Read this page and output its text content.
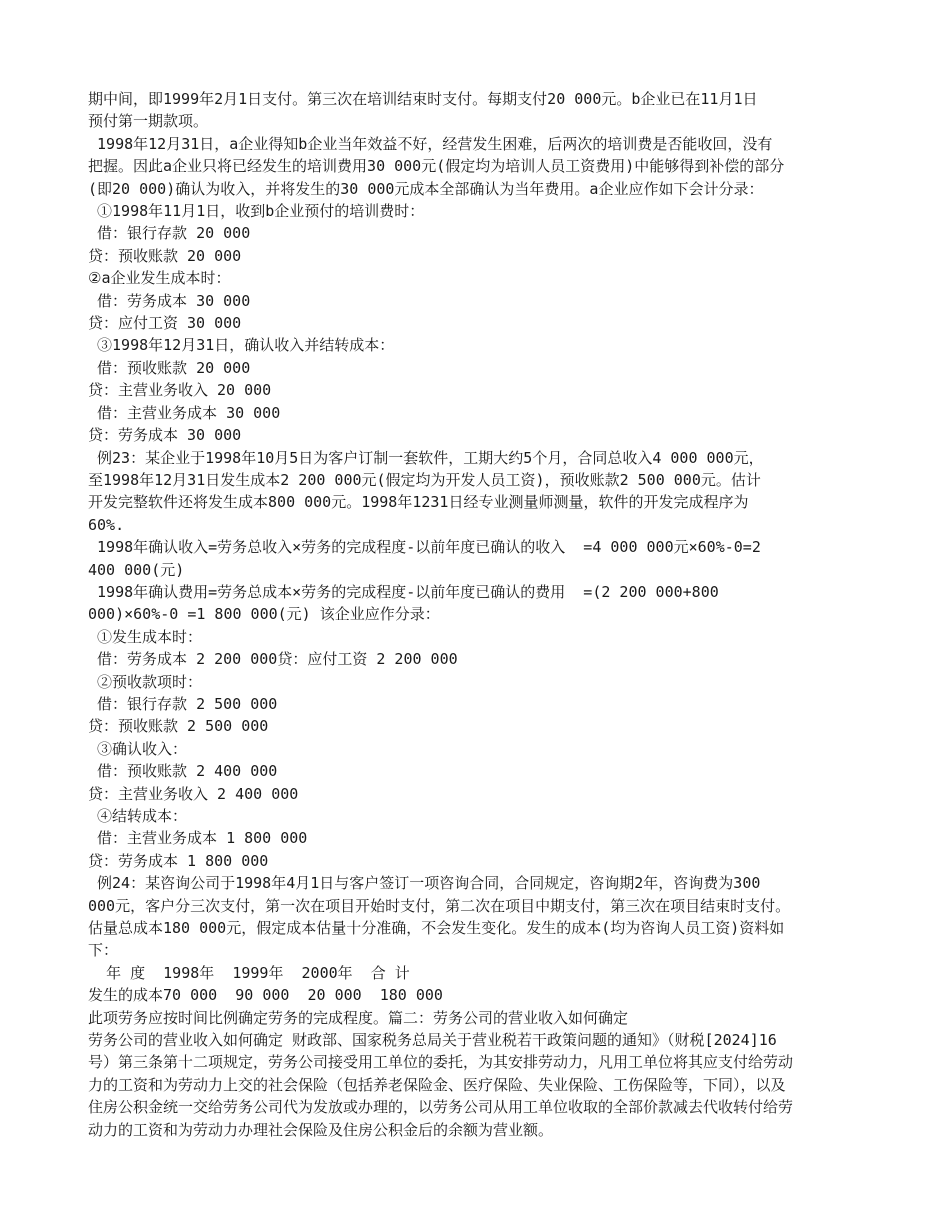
期中间，即1999年2月1日支付。第三次在培训结束时支付。每期支付20 000元。b企业已在11月1日
预付第一期款项。
1998年12月31日，a企业得知b企业当年效益不好，经营发生困难，后两次的培训费是否能收回，没有
把握。因此a企业只将已经发生的培训费用30 000元(假定均为培训人员工资费用)中能够得到补偿的部分
(即20 000)确认为收入，并将发生的30 000元成本全部确认为当年费用。a企业应作如下会计分录：
①1998年11月1日，收到b企业预付的培训费时：
借：银行存款 20 000
贷：预收账款 20 000
②a企业发生成本时：
借：劳务成本 30 000
贷：应付工资 30 000
③1998年12月31日，确认收入并结转成本：
借：预收账款 20 000
贷：主营业务收入 20 000
借：主营业务成本 30 000
贷：劳务成本 30 000
例23：某企业于1998年10月5日为客户订制一套软件，工期大约5个月，合同总收入4 000 000元，
至1998年12月31日发生成本2 200 000元(假定均为开发人员工资)，预收账款2 500 000元。估计
开发完整软件还将发生成本800 000元。1998年1231日经专业测量师测量，软件的开发完成程序为
60%.
1998年确认收入=劳务总收入×劳务的完成程度-以前年度已确认的收入  =4 000 000元×60%-0=2
400 000(元)
1998年确认费用=劳务总成本×劳务的完成程度-以前年度已确认的费用  =(2 200 000+800
000)×60%-0 =1 800 000(元) 该企业应作分录：
①发生成本时：
借：劳务成本 2 200 000贷：应付工资 2 200 000
②预收款项时：
借：银行存款 2 500 000
贷：预收账款 2 500 000
③确认收入：
借：预收账款 2 400 000
贷：主营业务收入 2 400 000
④结转成本：
借：主营业务成本 1 800 000
贷：劳务成本 1 800 000
例24：某咨询公司于1998年4月1日与客户签订一项咨询合同，合同规定，咨询期2年，咨询费为300
000元，客户分三次支付，第一次在项目开始时支付，第二次在项目中期支付，第三次在项目结束时支付。
估量总成本180 000元，假定成本估量十分准确，不会发生变化。发生的成本(均为咨询人员工资)资料如
下：
年 度  1998年  1999年  2000年  合 计
发生的成本70 000  90 000  20 000  180 000
此项劳务应按时间比例确定劳务的完成程度。篇二：劳务公司的营业收入如何确定
劳务公司的营业收入如何确定 财政部、国家税务总局关于营业税若干政策问题的通知》（财税[2024]16
号）第三条第十二项规定，劳务公司接受用工单位的委托，为其安排劳动力，凡用工单位将其应支付给劳动
力的工资和为劳动力上交的社会保险（包括养老保险金、医疗保险、失业保险、工伤保险等，下同），以及
住房公积金统一交给劳务公司代为发放或办理的，以劳务公司从用工单位收取的全部价款减去代收转付给劳
动力的工资和为劳动力办理社会保险及住房公积金后的余额为营业额。
